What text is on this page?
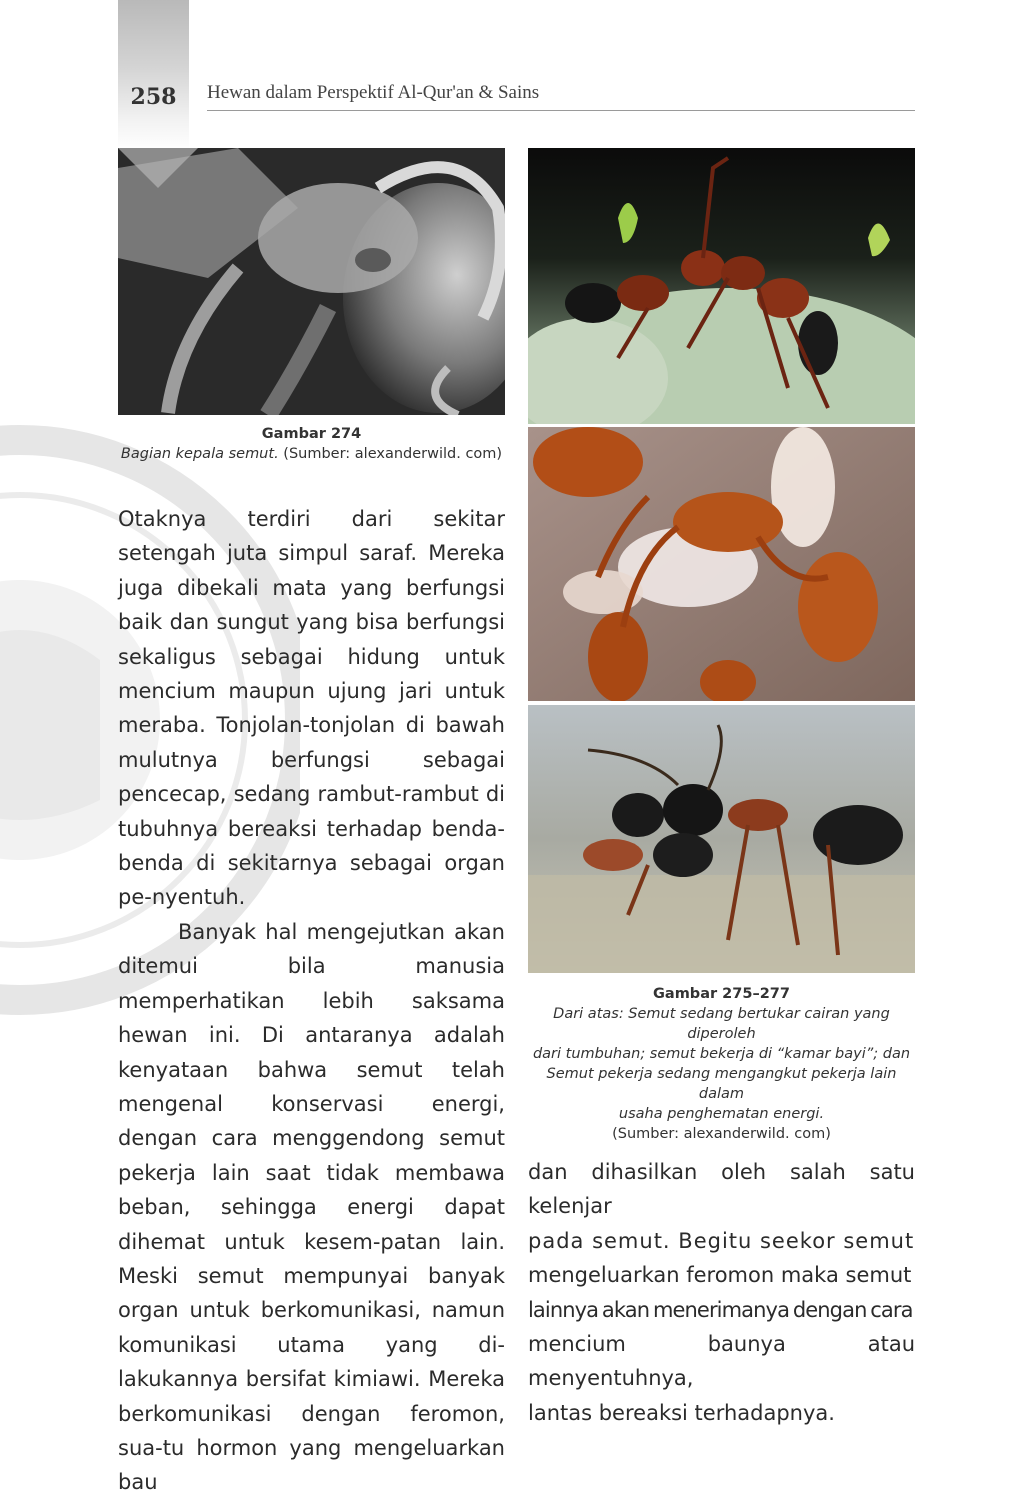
258	Hewan dalam Perspektif Al-Qur'an & Sains
Gambar 274
Bagian kepala semut. (Sumber: alexanderwild. com)
Gambar 275–277
Dari atas: Semut sedang bertukar cairan yang diperoleh
dari tumbuhan; semut bekerja di “kamar bayi”; dan
Semut pekerja sedang mengangkut pekerja lain dalam
usaha penghematan energi.
(Sumber: alexanderwild. com)

Otaknya terdiri dari sekitar setengah juta simpul saraf. Mereka juga dibekali mata yang berfungsi baik dan sungut yang bisa berfungsi sekaligus sebagai hidung untuk mencium maupun ujung jari untuk meraba. Tonjolan-tonjolan di bawah mulutnya berfungsi sebagai pencecap, sedang rambut-rambut di tubuhnya bereaksi terhadap benda-benda di sekitarnya sebagai organ pe-nyentuh.

Banyak hal mengejutkan akan ditemui bila manusia memperhatikan lebih saksama hewan ini. Di antaranya adalah kenyataan bahwa semut telah mengenal konservasi energi, dengan cara menggendong semut pekerja lain saat tidak membawa beban, sehingga energi dapat dihemat untuk kesem-patan lain. Meski semut mempunyai banyak organ untuk berkomunikasi, namun komunikasi utama yang di-lakukannya bersifat kimiawi. Mereka berkomunikasi dengan feromon, sua-tu hormon yang mengeluarkan bau

dan dihasilkan oleh salah satu kelenjar
pada semut. Begitu seekor semut
mengeluarkan feromon maka semut
lainnya akan menerimanya dengan cara
mencium baunya atau menyentuhnya,
lantas bereaksi terhadapnya.
